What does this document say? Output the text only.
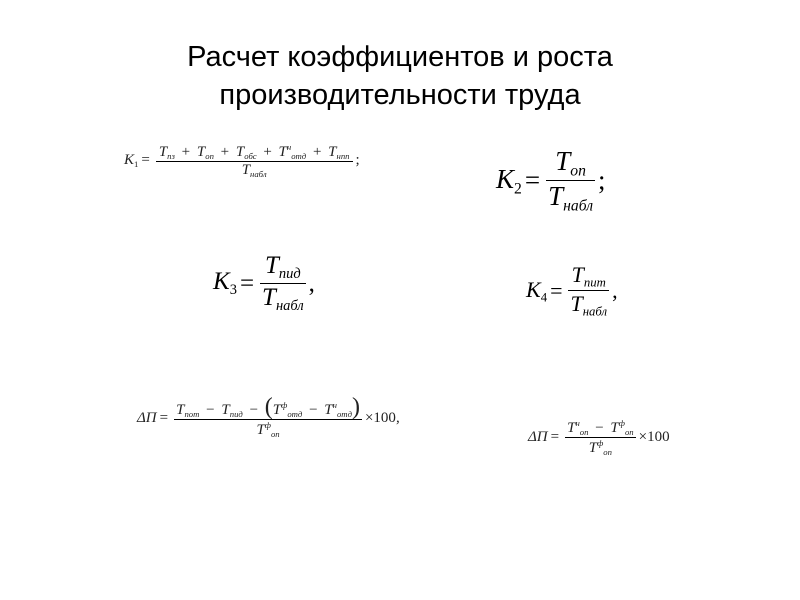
Расчет коэффициентов и роста
производительности труда
$K_1 = T_{пз} + T_{оп} + T_{обс} + T^н_{отд} + T_{нпп}$
$T_{набл}$
;
$K_2 = \frac{T_{оп}}{T_{набл}}$ ;
$K_3 = \frac{T_{пид}}{T_{набл}}$ ,	$K_4 = \frac{T_{пит}}{T_{набл}}$ ,
ΔП =
$T_{пот} - T_{пид} - (T^ф_{отд} - T^н_{отд})$
$T^ф_{оп}$
×100 ,
$\Delta П = \frac{T^н_{оп} - T^ф_{оп}}{T^ф_{оп}} \times 100$
